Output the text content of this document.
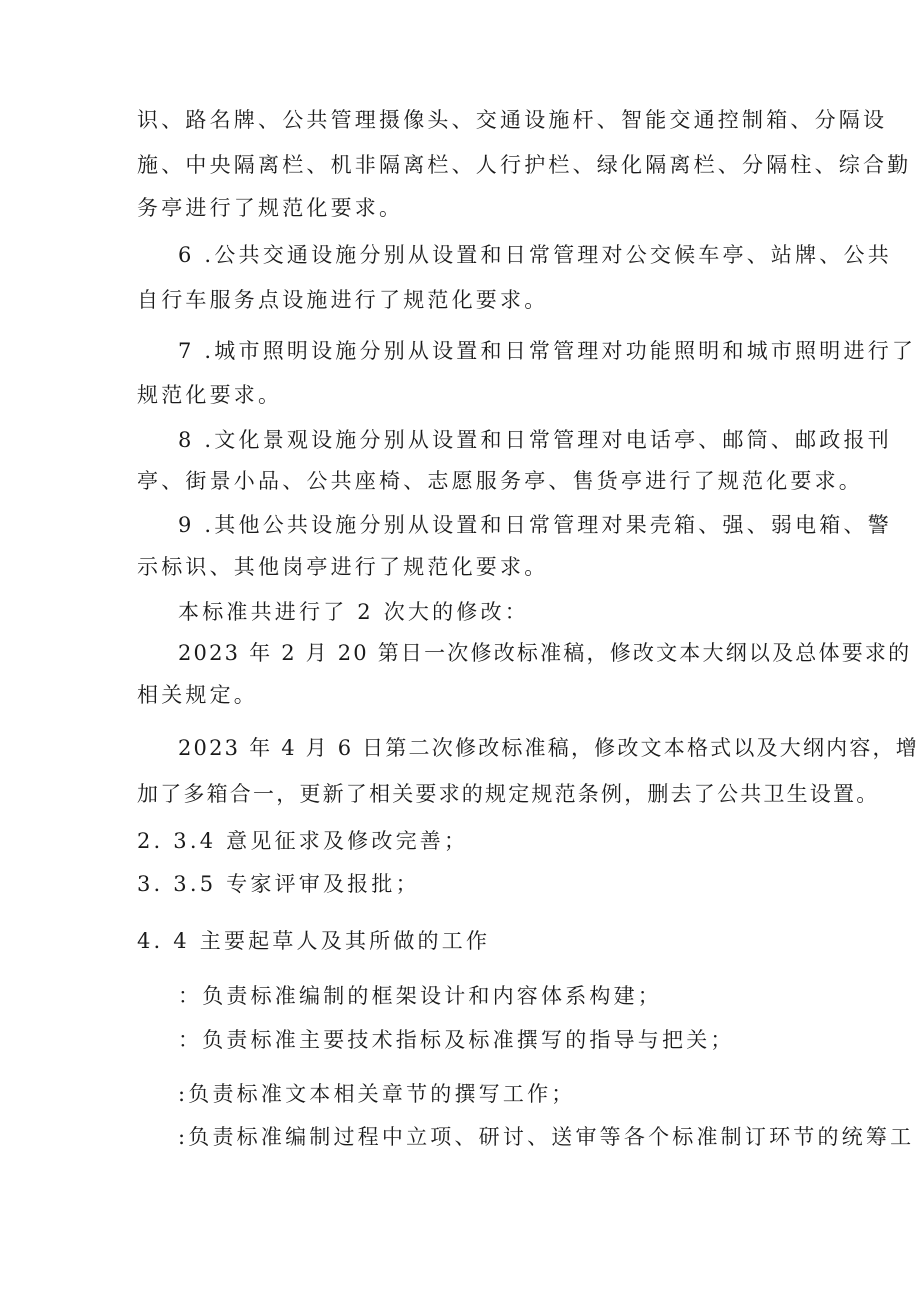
识、路名牌、公共管理摄像头、交通设施杆、智能交通控制箱、分隔设
施、中央隔离栏、机非隔离栏、人行护栏、绿化隔离栏、分隔柱、综合勤
务亭进行了规范化要求。
6 .公共交通设施分别从设置和日常管理对公交候车亭、站牌、公共
自行车服务点设施进行了规范化要求。
7 .城市照明设施分别从设置和日常管理对功能照明和城市照明进行了
规范化要求。
8 .文化景观设施分别从设置和日常管理对电话亭、邮筒、邮政报刊
亭、街景小品、公共座椅、志愿服务亭、售货亭进行了规范化要求。
9 .其他公共设施分别从设置和日常管理对果壳箱、强、弱电箱、警
示标识、其他岗亭进行了规范化要求。
本标准共进行了 2 次大的修改：
2023 年 2 月 20 第日一次修改标准稿，修改文本大纲以及总体要求的
相关规定。
2023 年 4 月 6 日第二次修改标准稿，修改文本格式以及大纲内容，增
加了多箱合一，更新了相关要求的规定规范条例，删去了公共卫生设置。
2. 3.4 意见征求及修改完善；
3. 3.5 专家评审及报批；
4. 4 主要起草人及其所做的工作
：负责标准编制的框架设计和内容体系构建；
：负责标准主要技术指标及标准撰写的指导与把关；
:负责标准文本相关章节的撰写工作；
:负责标准编制过程中立项、研讨、送审等各个标准制订环节的统筹工
